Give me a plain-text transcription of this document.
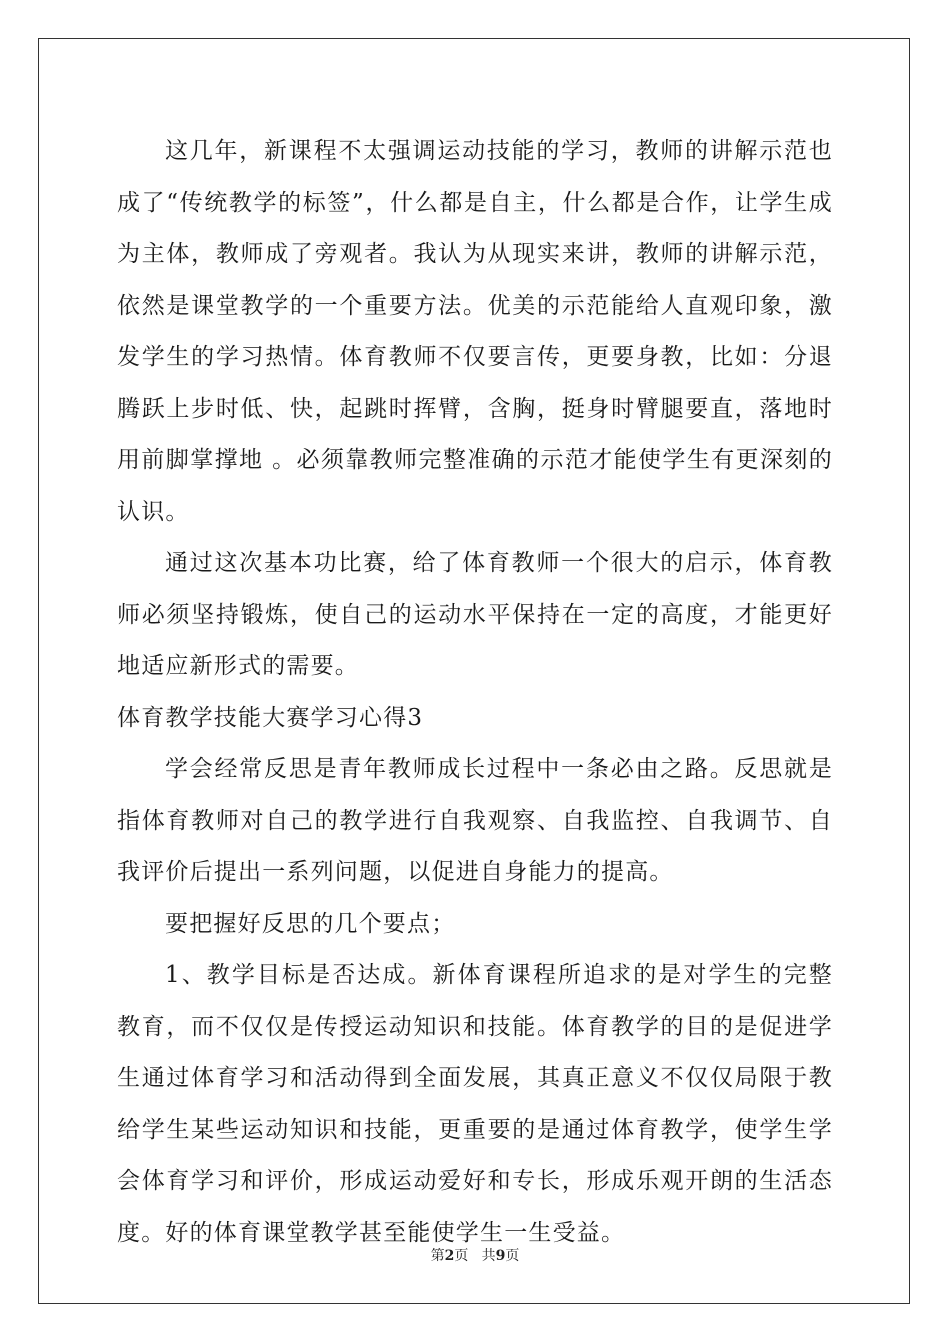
这几年，新课程不太强调运动技能的学习，教师的讲解示范也成了“传统教学的标签”，什么都是自主，什么都是合作，让学生成为主体，教师成了旁观者。我认为从现实来讲，教师的讲解示范，依然是课堂教学的一个重要方法。优美的示范能给人直观印象，激发学生的学习热情。体育教师不仅要言传，更要身教，比如：分退腾跃上步时低、快，起跳时挥臂，含胸，挺身时臂腿要直，落地时用前脚掌撑地 。必须靠教师完整准确的示范才能使学生有更深刻的认识。

通过这次基本功比赛，给了体育教师一个很大的启示，体育教师必须坚持锻炼，使自己的运动水平保持在一定的高度，才能更好地适应新形式的需要。

体育教学技能大赛学习心得3

学会经常反思是青年教师成长过程中一条必由之路。反思就是指体育教师对自己的教学进行自我观察、自我监控、自我调节、自我评价后提出一系列问题，以促进自身能力的提高。

要把握好反思的几个要点；

1、教学目标是否达成。新体育课程所追求的是对学生的完整教育，而不仅仅是传授运动知识和技能。体育教学的目的是促进学生通过体育学习和活动得到全面发展，其真正意义不仅仅局限于教给学生某些运动知识和技能，更重要的是通过体育教学，使学生学会体育学习和评价，形成运动爱好和专长，形成乐观开朗的生活态度。好的体育课堂教学甚至能使学生一生受益。

第2页 共9页
